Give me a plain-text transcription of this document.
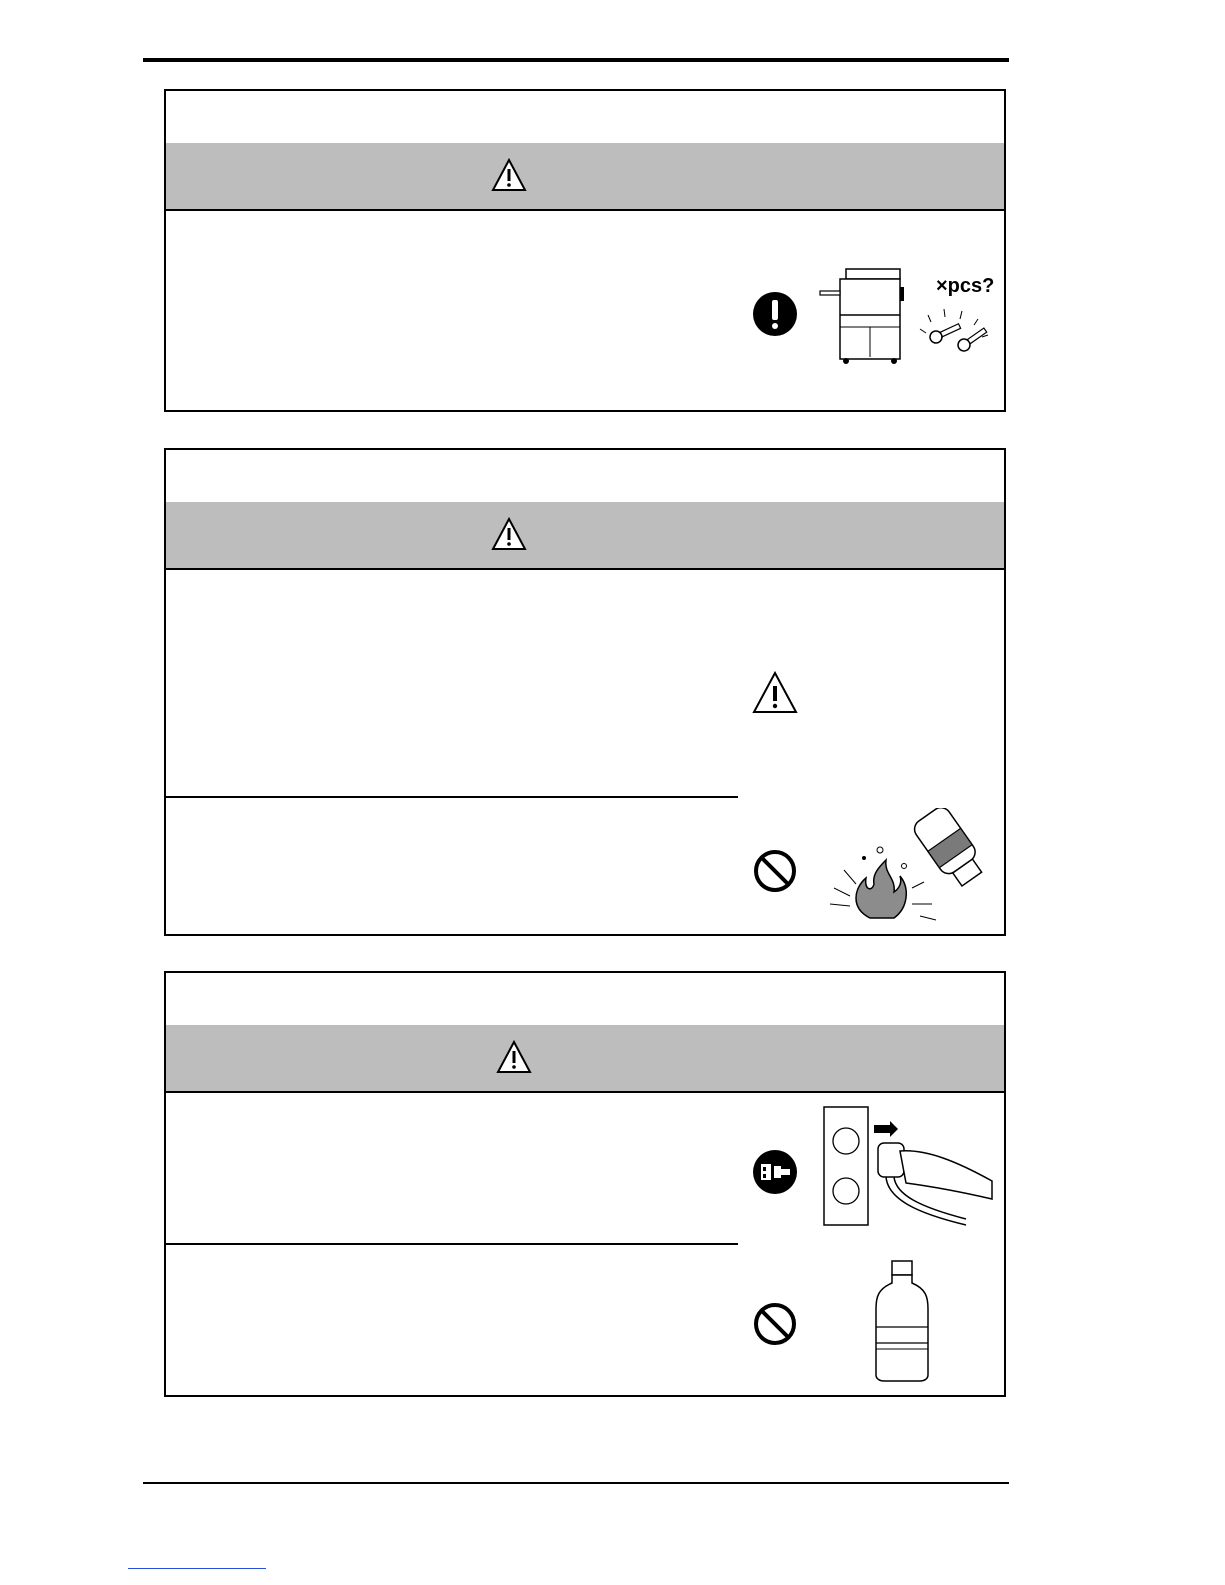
×pcs?
